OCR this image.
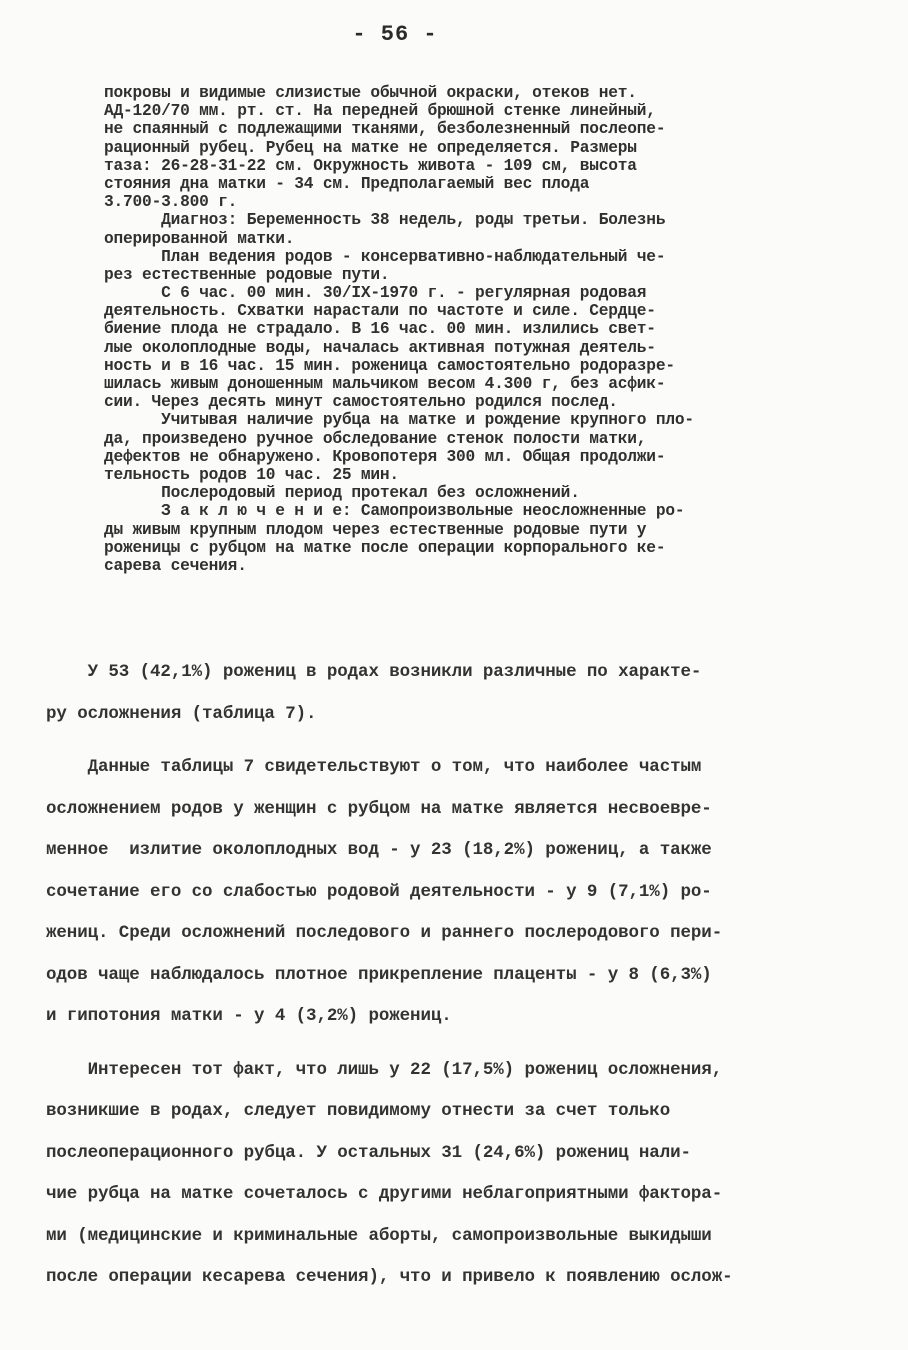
- 56 -
покровы и видимые слизистые обычной окраски, отеков нет.
АД-120/70 мм. рт. ст. На передней брюшной стенке линейный,
не спаянный с подлежащими тканями, безболезненный послеопе-
рационный рубец. Рубец на матке не определяется. Размеры
таза: 26-28-31-22 см. Окружность живота - 109 см, высота
стояния дна матки - 34 см. Предполагаемый вес плода
3.700-3.800 г.
Диагноз: Беременность 38 недель, роды третьи. Болезнь
оперированной матки.
План ведения родов - консервативно-наблюдательный че-
рез естественные родовые пути.
С 6 час. 00 мин. 30/IX-1970 г. - регулярная родовая
деятельность. Схватки нарастали по частоте и силе. Сердце-
биение плода не страдало. В 16 час. 00 мин. излились свет-
лые околоплодные воды, началась активная потужная деятель-
ность и в 16 час. 15 мин. роженица самостоятельно родоразре-
шилась живым доношенным мальчиком весом 4.300 г, без асфик-
сии. Через десять минут самостоятельно родился послед.
Учитывая наличие рубца на матке и рождение крупного пло-
да, произведено ручное обследование стенок полости матки,
дефектов не обнаружено. Кровопотеря 300 мл. Общая продолжи-
тельность родов 10 час. 25 мин.
Послеродовый период протекал без осложнений.
З а к л ю ч е н и е: Самопроизвольные неосложненные ро-
ды живым крупным плодом через естественные родовые пути у
роженицы с рубцом на матке после операции корпорального ке-
сарева сечения.
У 53 (42,1%) рожениц в родах возникли различные по характе-
ру осложнения (таблица 7).
Данные таблицы 7 свидетельствуют о том, что наиболее частым
осложнением родов у женщин с рубцом на матке является несвоевре-
менное  излитие околоплодных вод - у 23 (18,2%) рожениц, а также
сочетание его со слабостью родовой деятельности - у 9 (7,1%) ро-
жениц. Среди осложнений последового и раннего послеродового пери-
одов чаще наблюдалось плотное прикрепление плаценты - у 8 (6,3%)
и гипотония матки - у 4 (3,2%) рожениц.
Интересен тот факт, что лишь у 22 (17,5%) рожениц осложнения,
возникшие в родах, следует повидимому отнести за счет только
послеоперационного рубца. У остальных 31 (24,6%) рожениц нали-
чие рубца на матке сочеталось с другими неблагоприятными фактора-
ми (медицинские и криминальные аборты, самопроизвольные выкидыши
после операции кесарева сечения), что и привело к появлению ослож-
